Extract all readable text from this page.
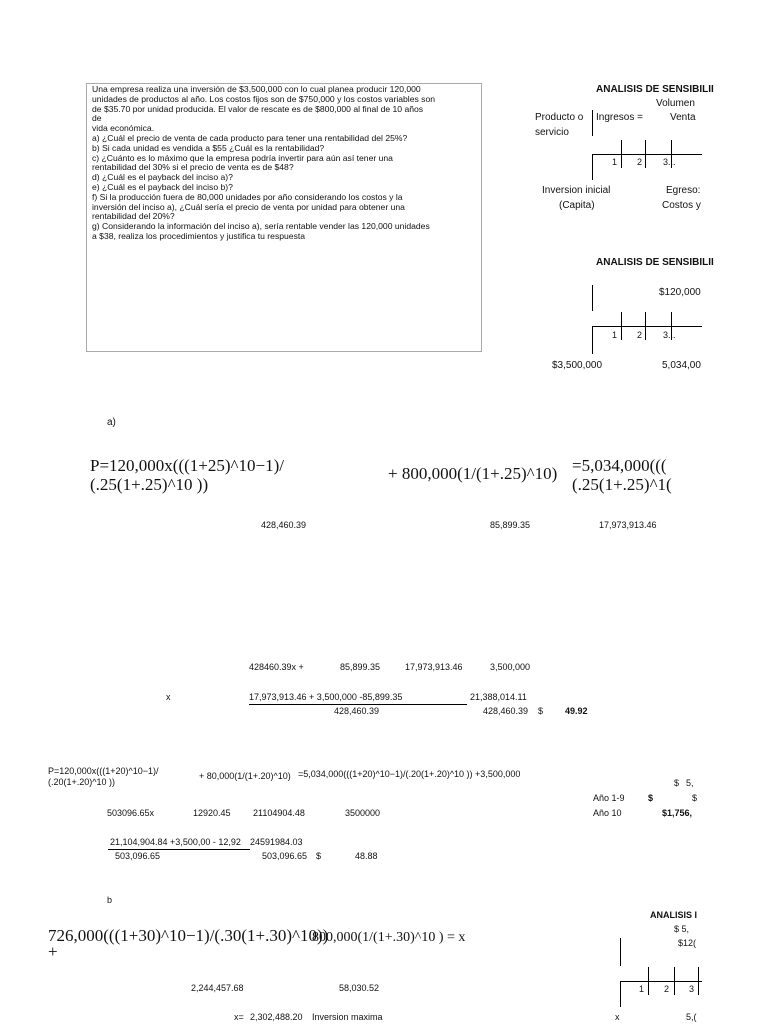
Una empresa realiza una inversión de $3,500,000 con lo cual planea producir 120,000
unidades de productos al año. Los costos fijos son de $750,000 y los costos variables son
de $35.70 por unidad producida. El valor de rescate es de $800,000 al final de 10 años
de
vida económica.
a) ¿Cuál el precio de venta de cada producto para tener una rentabilidad del 25%?
b) Si cada unidad es vendida a $55 ¿Cuál es la rentabilidad?
c) ¿Cuánto es lo máximo que la empresa podría invertir para aún así tener una
rentabilidad del 30% si el precio de venta es de $48?
d) ¿Cuál es el payback del inciso a)?
e) ¿Cuál es el payback del inciso b)?
f) Si la producción fuera de 80,000 unidades por año considerando los costos y la
inversión del inciso a), ¿Cuál sería el precio de venta por unidad para obtener una
rentabilidad del 20%?
g) Considerando la información del inciso a), sería rentable vender las 120,000 unidades
a $38, realiza los procedimientos y justifica tu respuesta
ANALISIS DE SENSIBILII
Volumen
Producto o
servicio
Ingresos =	Venta
1 2 3...
Inversion inicial
(Capita)
Egreso:
Costos y
ANALISIS DE SENSIBILII
$120,000
1 2 3...
$3,500,000	5,034,00
a)
P=120,000x(((1+25)^10−1)/
(.25(1+.25)^10 ))
+ 800,000(1/(1+.25)^10) =5,034,000(((
(.25(1+.25)^1(
428,460.39	85,899.35	17,973,913.46
428460.39x +	85,899.35	17,973,913.46	3,500,000
x	17,973,913.46 + 3,500,000 -85,899.35	21,388,014.11
428,460.39	428,460.39 $ 49.92
P=120,000x(((1+20)^10−1)/
(.20(1+.20)^10 ))
+ 80,000(1/(1+.20)^10) =5,034,000(((1+20)^10−1)/(.20(1+.20)^10 )) +3,500,000
$ 5,
Año 1-9	$	$
Año 10	$1,756,
503096.65x	12920.45 21104904.48	3500000
21,104,904.84 +3,500,00 - 12,92 24591984.03
503,096.65	503,096.65 $	48.88
b
726,000(((1+30)^10−1)/(.30(1+.30)^10))
+
800,000(1/(1+.30)^10 ) = x
2,244,457.68	58,030.52
x= 2,302,488.20 Inversion maxima
ANALISIS I
$ 5,
$12(
1 2 3
x	5,(
